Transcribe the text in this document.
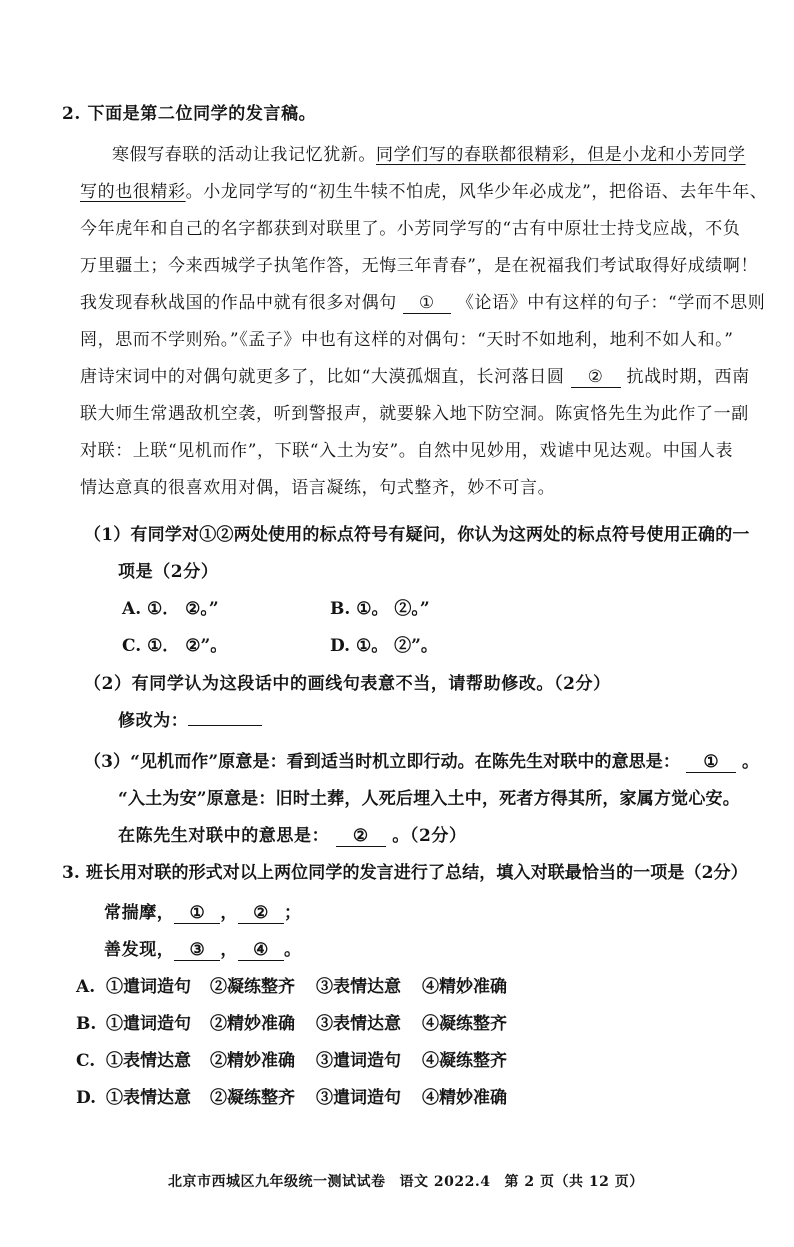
2. 下面是第二位同学的发言稿。
寒假写春联的活动让我记忆犹新。同学们写的春联都很精彩，但是小龙和小芳同学
写的也很精彩。小龙同学写的“初生牛犊不怕虎，风华少年必成龙”，把俗语、去年牛年、
今年虎年和自己的名字都获到对联里了。小芳同学写的“古有中原壮士持戈应战，不负
万里疆土；今来西城学子执笔作答，无悔三年青春”，是在祝福我们考试取得好成绩啊！
我发现春秋战国的作品中就有很多对偶句 ① 《论语》中有这样的句子：“学而不思则
罔，思而不学则殆。”《孟子》中也有这样的对偶句：“天时不如地利，地利不如人和。”
唐诗宋词中的对偶句就更多了，比如“大漠孤烟直，长河落日圆 ② 抗战时期，西南
联大师生常遇敌机空袭，听到警报声，就要躲入地下防空洞。陈寅恪先生为此作了一副
对联：上联“见机而作”，下联“入土为安”。自然中见妙用，戏谑中见达观。中国人表
情达意真的很喜欢用对偶，语言凝练，句式整齐，妙不可言。
（1）有同学对①②两处使用的标点符号有疑问，你认为这两处的标点符号使用正确的一
项是（2分）
A. ①． ②。”	B. ①。 ②。”
C. ①． ②”。	D. ①。 ②”。
（2）有同学认为这段话中的画线句表意不当，请帮助修改。（2分）
修改为：
（3）“见机而作”原意是：看到适当时机立即行动。在陈先生对联中的意思是： ① 。
“入土为安”原意是：旧时土葬，人死后埋入土中，死者方得其所，家属方觉心安。
在陈先生对联中的意思是： ② 。（2分）
3. 班长用对联的形式对以上两位同学的发言进行了总结，填入对联最恰当的一项是（2分）
常揣摩， ① ， ② ；
善发现， ③ ， ④ 。
A. ①遣词造句 ②凝练整齐 ③表情达意 ④精妙准确
B. ①遣词造句 ②精妙准确 ③表情达意 ④凝练整齐
C. ①表情达意 ②精妙准确 ③遣词造句 ④凝练整齐
D. ①表情达意 ②凝练整齐 ③遣词造句 ④精妙准确
北京市西城区九年级统一测试试卷 语文 2022.4 第 2 页（共 12 页）
